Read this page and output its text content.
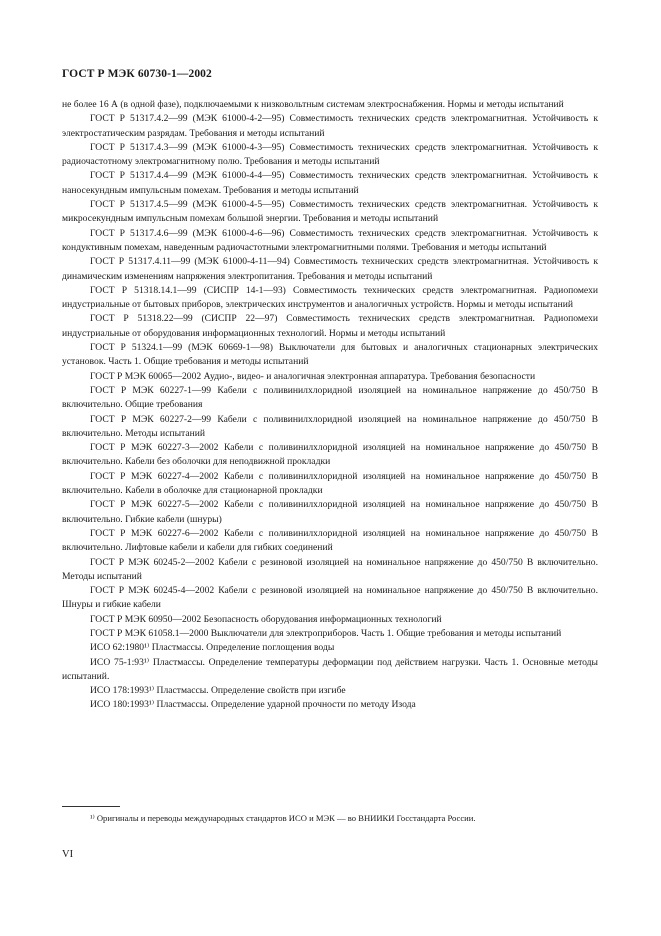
ГОСТ Р МЭК 60730-1—2002

не более 16 А (в одной фазе), подключаемыми к низковольтным системам электроснабжения. Нормы и методы испытаний

ГОСТ Р 51317.4.2—99 (МЭК 61000-4-2—95) Совместимость технических средств электромагнитная. Устойчивость к электростатическим разрядам. Требования и методы испытаний

ГОСТ Р 51317.4.3—99 (МЭК 61000-4-3—95) Совместимость технических средств электромагнитная. Устойчивость к радиочастотному электромагнитному полю. Требования и методы испытаний

ГОСТ Р 51317.4.4—99 (МЭК 61000-4-4—95) Совместимость технических средств электромагнитная. Устойчивость к наносекундным импульсным помехам. Требования и методы испытаний

ГОСТ Р 51317.4.5—99 (МЭК 61000-4-5—95) Совместимость технических средств электромагнитная. Устойчивость к микросекундным импульсным помехам большой энергии. Требования и методы испытаний

ГОСТ Р 51317.4.6—99 (МЭК 61000-4-6—96) Совместимость технических средств электромагнитная. Устойчивость к кондуктивным помехам, наведенным радиочастотными электромагнитными полями. Требования и методы испытаний

ГОСТ Р 51317.4.11—99 (МЭК 61000-4-11—94) Совместимость технических средств электромагнитная. Устойчивость к динамическим изменениям напряжения электропитания. Требования и методы испытаний

ГОСТ Р 51318.14.1—99 (СИСПР 14-1—93) Совместимость технических средств электромагнитная. Радиопомехи индустриальные от бытовых приборов, электрических инструментов и аналогичных устройств. Нормы и методы испытаний

ГОСТ Р 51318.22—99 (СИСПР 22—97) Совместимость технических средств электромагнитная. Радиопомехи индустриальные от оборудования информационных технологий. Нормы и методы испытаний

ГОСТ Р 51324.1—99 (МЭК 60669-1—98) Выключатели для бытовых и аналогичных стационарных электрических установок. Часть 1. Общие требования и методы испытаний

ГОСТ Р МЭК 60065—2002 Аудио-, видео- и аналогичная электронная аппаратура. Требования безопасности

ГОСТ Р МЭК 60227-1—99 Кабели с поливинилхлоридной изоляцией на номинальное напряжение до 450/750 В включительно. Общие требования

ГОСТ Р МЭК 60227-2—99 Кабели с поливинилхлоридной изоляцией на номинальное напряжение до 450/750 В включительно. Методы испытаний

ГОСТ Р МЭК 60227-3—2002 Кабели с поливинилхлоридной изоляцией на номинальное напряжение до 450/750 В включительно. Кабели без оболочки для неподвижной прокладки

ГОСТ Р МЭК 60227-4—2002 Кабели с поливинилхлоридной изоляцией на номинальное напряжение до 450/750 В включительно. Кабели в оболочке для стационарной прокладки

ГОСТ Р МЭК 60227-5—2002 Кабели с поливинилхлоридной изоляцией на номинальное напряжение до 450/750 В включительно. Гибкие кабели (шнуры)

ГОСТ Р МЭК 60227-6—2002 Кабели с поливинилхлоридной изоляцией на номинальное напряжение до 450/750 В включительно. Лифтовые кабели и кабели для гибких соединений

ГОСТ Р МЭК 60245-2—2002 Кабели с резиновой изоляцией на номинальное напряжение до 450/750 В включительно. Методы испытаний

ГОСТ Р МЭК 60245-4—2002 Кабели с резиновой изоляцией на номинальное напряжение до 450/750 В включительно. Шнуры и гибкие кабели

ГОСТ Р МЭК 60950—2002 Безопасность оборудования информационных технологий

ГОСТ Р МЭК 61058.1—2000 Выключатели для электроприборов. Часть 1. Общие требования и методы испытаний

ИСО 62:1980¹⁾ Пластмассы. Определение поглощения воды

ИСО 75-1:93¹⁾ Пластмассы. Определение температуры деформации под действием нагрузки. Часть 1. Основные методы испытаний.

ИСО 178:1993¹⁾ Пластмассы. Определение свойств при изгибе

ИСО 180:1993¹⁾ Пластмассы. Определение ударной прочности по методу Изода

¹⁾ Оригиналы и переводы международных стандартов ИСО и МЭК — во ВНИИКИ Госстандарта России.
VI
